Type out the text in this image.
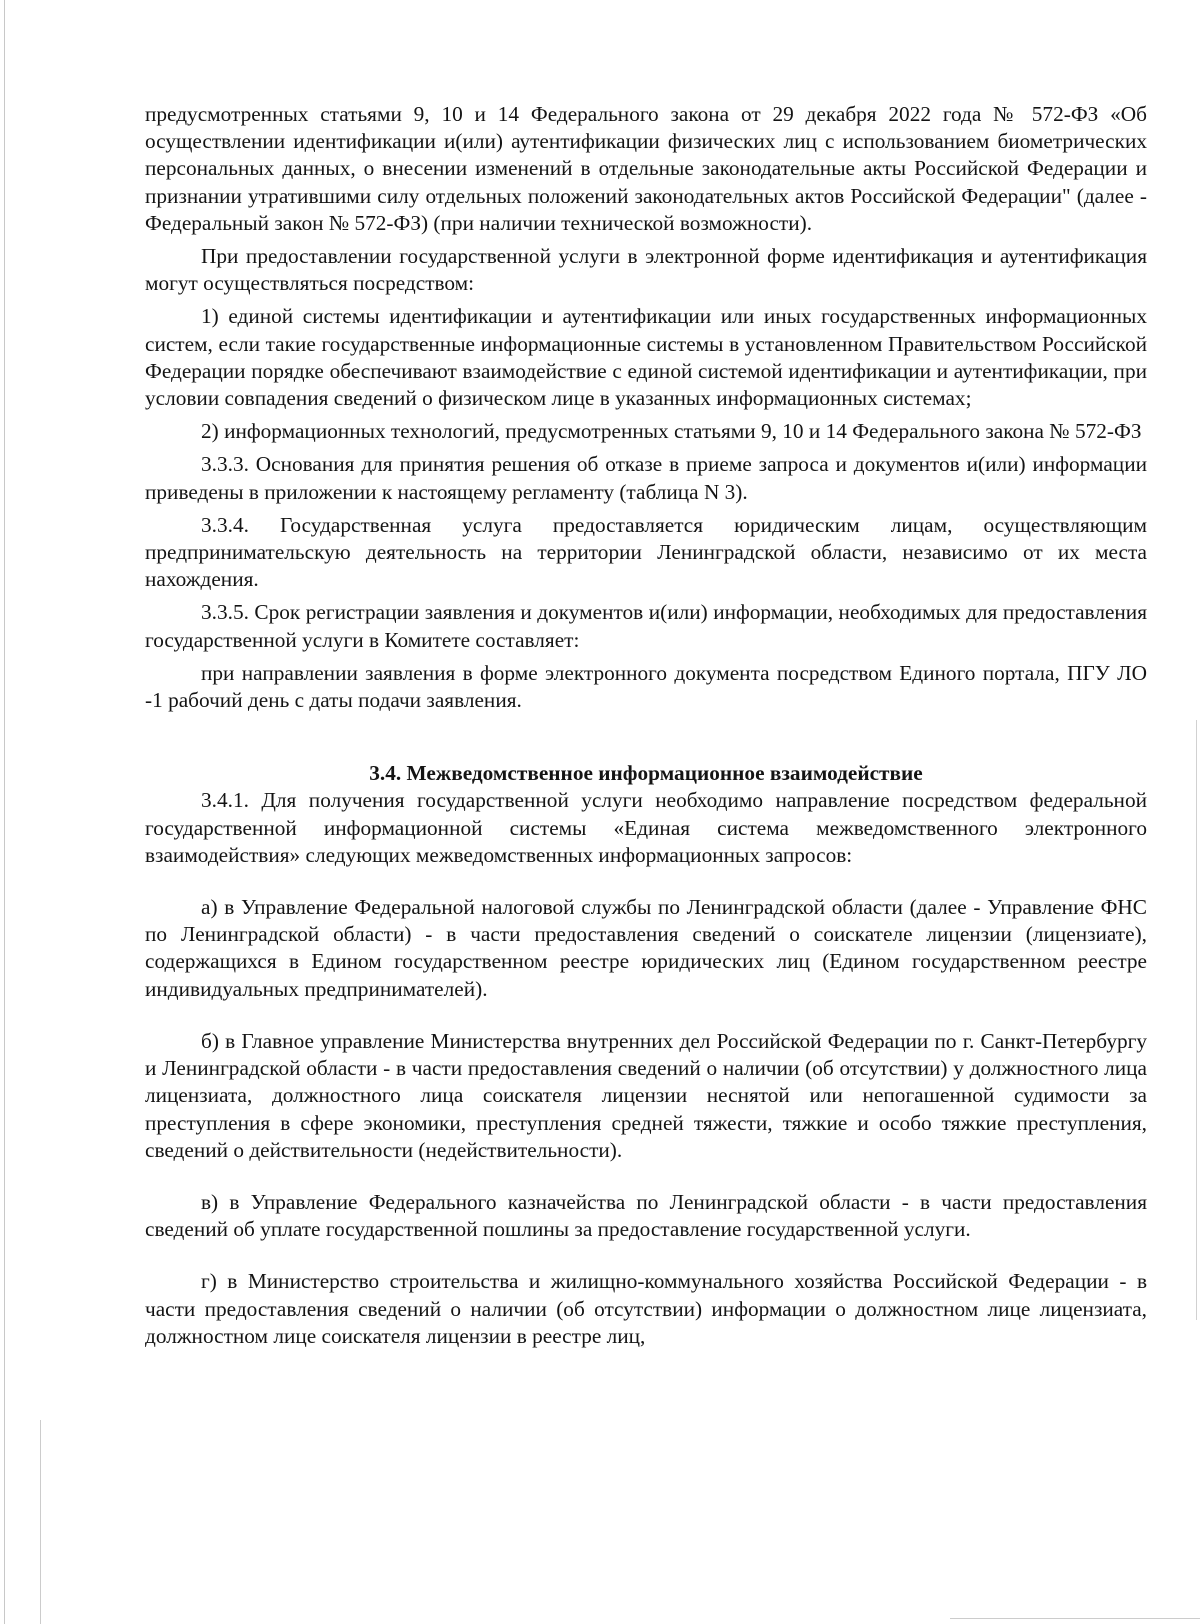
предусмотренных статьями 9, 10 и 14 Федерального закона от 29 декабря 2022 года № 572-ФЗ «Об осуществлении идентификации и(или) аутентификации физических лиц с использованием биометрических персональных данных, о внесении изменений в отдельные законодательные акты Российской Федерации и признании утратившими силу отдельных положений законодательных актов Российской Федерации" (далее - Федеральный закон № 572-ФЗ) (при наличии технической возможности).

При предоставлении государственной услуги в электронной форме идентификация и аутентификация могут осуществляться посредством:

1) единой системы идентификации и аутентификации или иных государственных информационных систем, если такие государственные информационные системы в установленном Правительством Российской Федерации порядке обеспечивают взаимодействие с единой системой идентификации и аутентификации, при условии совпадения сведений о физическом лице в указанных информационных системах;

2) информационных технологий, предусмотренных статьями 9, 10 и 14 Федерального закона № 572-ФЗ

3.3.3. Основания для принятия решения об отказе в приеме запроса и документов и(или) информации приведены в приложении к настоящему регламенту (таблица N 3).

3.3.4. Государственная услуга предоставляется юридическим лицам, осуществляющим предпринимательскую деятельность на территории Ленинградской области, независимо от их места нахождения.

3.3.5. Срок регистрации заявления и документов и(или) информации, необходимых для предоставления государственной услуги в Комитете составляет:

при направлении заявления в форме электронного документа посредством Единого портала, ПГУ ЛО -1 рабочий день с даты подачи заявления.

3.4. Межведомственное информационное взаимодействие

3.4.1. Для получения государственной услуги необходимо направление посредством федеральной государственной информационной системы «Единая система межведомственного электронного взаимодействия» следующих межведомственных информационных запросов:

а) в Управление Федеральной налоговой службы по Ленинградской области (далее - Управление ФНС по Ленинградской области) - в части предоставления сведений о соискателе лицензии (лицензиате), содержащихся в Едином государственном реестре юридических лиц (Едином государственном реестре индивидуальных предпринимателей).

б) в Главное управление Министерства внутренних дел Российской Федерации по г. Санкт-Петербургу и Ленинградской области - в части предоставления сведений о наличии (об отсутствии) у должностного лица лицензиата, должностного лица соискателя лицензии неснятой или непогашенной судимости за преступления в сфере экономики, преступления средней тяжести, тяжкие и особо тяжкие преступления, сведений о действительности (недействительности).

в) в Управление Федерального казначейства по Ленинградской области - в части предоставления сведений об уплате государственной пошлины за предоставление государственной услуги.

г) в Министерство строительства и жилищно-коммунального хозяйства Российской Федерации - в части предоставления сведений о наличии (об отсутствии) информации о должностном лице лицензиата, должностном лице соискателя лицензии в реестре лиц,
